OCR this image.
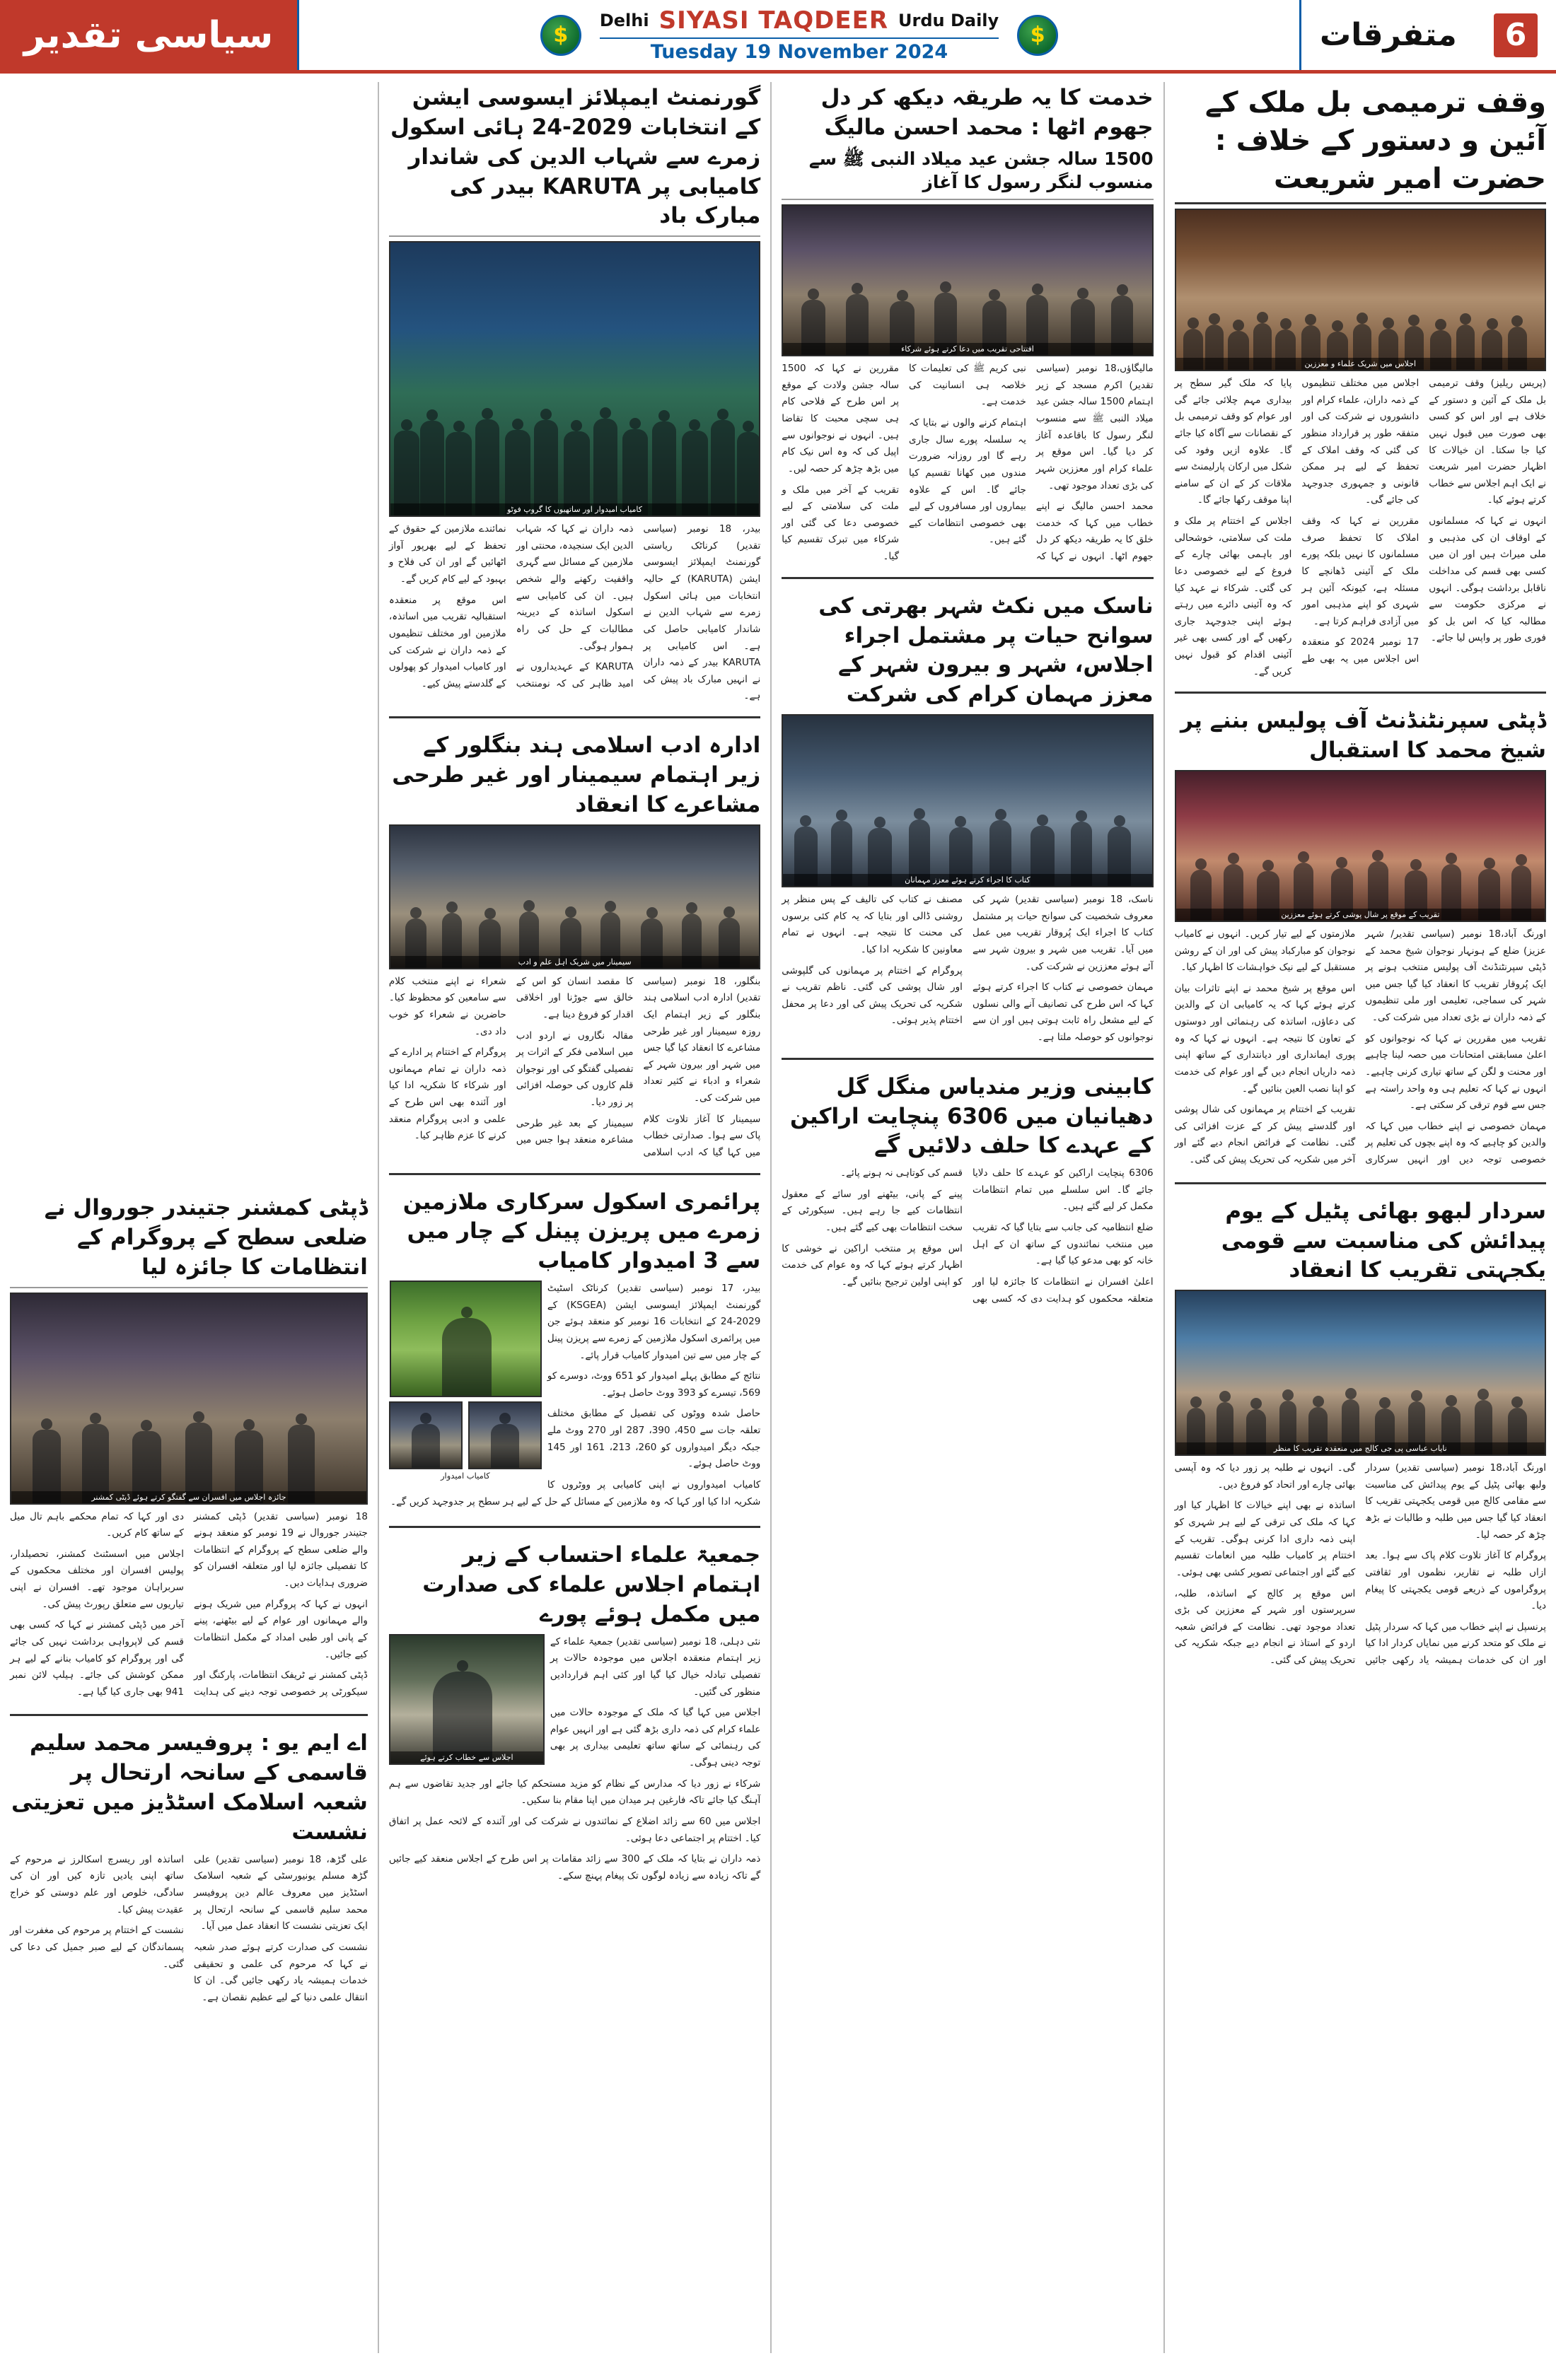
6
متفرقات
$
Urdu Daily
SIYASI TAQDEER
Delhi
Tuesday 19 November 2024
$
سیاسی تقدیر
وقف ترمیمی بل ملک کے آئین و دستور کے خلاف : حضرت امیر شریعت
اجلاس میں شریک علماء و معززین

(پریس ریلیز) وقف ترمیمی بل ملک کے آئین و دستور کے خلاف ہے اور اس کو کسی بھی صورت میں قبول نہیں کیا جا سکتا۔ ان خیالات کا اظہار حضرت امیر شریعت نے ایک اہم اجلاس سے خطاب کرتے ہوئے کیا۔

انہوں نے کہا کہ مسلمانوں کے اوقاف ان کی مذہبی و ملی میراث ہیں اور ان میں کسی بھی قسم کی مداخلت ناقابل برداشت ہوگی۔ انہوں نے مرکزی حکومت سے مطالبہ کیا کہ اس بل کو فوری طور پر واپس لیا جائے۔

اجلاس میں مختلف تنظیموں کے ذمہ داران، علماء کرام اور دانشوروں نے شرکت کی اور متفقہ طور پر قرارداد منظور کی گئی کہ وقف املاک کے تحفظ کے لیے ہر ممکن قانونی و جمہوری جدوجہد کی جائے گی۔

مقررین نے کہا کہ وقف املاک کا تحفظ صرف مسلمانوں کا نہیں بلکہ پورے ملک کے آئینی ڈھانچے کا مسئلہ ہے، کیونکہ آئین ہر شہری کو اپنے مذہبی امور میں آزادی فراہم کرتا ہے۔

17 نومبر 2024 کو منعقدہ اس اجلاس میں یہ بھی طے پایا کہ ملک گیر سطح پر بیداری مہم چلائی جائے گی اور عوام کو وقف ترمیمی بل کے نقصانات سے آگاہ کیا جائے گا۔ علاوہ ازیں وفود کی شکل میں ارکان پارلیمنٹ سے ملاقات کر کے ان کے سامنے اپنا موقف رکھا جائے گا۔

اجلاس کے اختتام پر ملک و ملت کی سلامتی، خوشحالی اور باہمی بھائی چارے کے فروغ کے لیے خصوصی دعا کی گئی۔ شرکاء نے عہد کیا کہ وہ آئینی دائرے میں رہتے ہوئے اپنی جدوجہد جاری رکھیں گے اور کسی بھی غیر آئینی اقدام کو قبول نہیں کریں گے۔

ڈپٹی سپرنٹنڈنٹ آف پولیس بننے پر شیخ محمد کا استقبال
تقریب کے موقع پر شال پوشی کرتے ہوئے معززین

اورنگ آباد،18 نومبر (سیاسی تقدیر/ شہر عزیز) ضلع کے ہونہار نوجوان شیخ محمد کے ڈپٹی سپرنٹنڈنٹ آف پولیس منتخب ہونے پر ایک پُروقار تقریب کا انعقاد کیا گیا جس میں شہر کی سماجی، تعلیمی اور ملی تنظیموں کے ذمہ داران نے بڑی تعداد میں شرکت کی۔

تقریب میں مقررین نے کہا کہ نوجوانوں کو اعلیٰ مسابقتی امتحانات میں حصہ لینا چاہیے اور محنت و لگن کے ساتھ تیاری کرنی چاہیے۔ انہوں نے کہا کہ تعلیم ہی وہ واحد راستہ ہے جس سے قوم ترقی کر سکتی ہے۔

مہمان خصوصی نے اپنے خطاب میں کہا کہ والدین کو چاہیے کہ وہ اپنے بچوں کی تعلیم پر خصوصی توجہ دیں اور انہیں سرکاری ملازمتوں کے لیے تیار کریں۔ انہوں نے کامیاب نوجوان کو مبارکباد پیش کی اور ان کے روشن مستقبل کے لیے نیک خواہشات کا اظہار کیا۔

اس موقع پر شیخ محمد نے اپنے تاثرات بیان کرتے ہوئے کہا کہ یہ کامیابی ان کے والدین کی دعاؤں، اساتذہ کی رہنمائی اور دوستوں کے تعاون کا نتیجہ ہے۔ انہوں نے کہا کہ وہ پوری ایمانداری اور دیانتداری کے ساتھ اپنی ذمہ داریاں انجام دیں گے اور عوام کی خدمت کو اپنا نصب العین بنائیں گے۔

تقریب کے اختتام پر مہمانوں کی شال پوشی اور گلدستے پیش کر کے عزت افزائی کی گئی۔ نظامت کے فرائض انجام دیے گئے اور آخر میں شکریہ کی تحریک پیش کی گئی۔

سردار لبھو بھائی پٹیل کے یوم پیدائش کی مناسبت سے قومی یکجہتی تقریب کا انعقاد
نایاب عباسی پی جی کالج میں منعقدہ تقریب کا منظر

اورنگ آباد،18 نومبر (سیاسی تقدیر) سردار ولبھ بھائی پٹیل کے یوم پیدائش کی مناسبت سے مقامی کالج میں قومی یکجہتی تقریب کا انعقاد کیا گیا جس میں طلبہ و طالبات نے بڑھ چڑھ کر حصہ لیا۔

پروگرام کا آغاز تلاوت کلام پاک سے ہوا۔ بعد ازاں طلبہ نے تقاریر، نظموں اور ثقافتی پروگراموں کے ذریعے قومی یکجہتی کا پیغام دیا۔

پرنسپل نے اپنے خطاب میں کہا کہ سردار پٹیل نے ملک کو متحد کرنے میں نمایاں کردار ادا کیا اور ان کی خدمات ہمیشہ یاد رکھی جائیں گی۔ انہوں نے طلبہ پر زور دیا کہ وہ آپسی بھائی چارے اور اتحاد کو فروغ دیں۔

اساتذہ نے بھی اپنے خیالات کا اظہار کیا اور کہا کہ ملک کی ترقی کے لیے ہر شہری کو اپنی ذمہ داری ادا کرنی ہوگی۔ تقریب کے اختتام پر کامیاب طلبہ میں انعامات تقسیم کیے گئے اور اجتماعی تصویر کشی بھی ہوئی۔

اس موقع پر کالج کے اساتذہ، طلبہ، سرپرستوں اور شہر کے معززین کی بڑی تعداد موجود تھی۔ نظامت کے فرائض شعبہ اردو کے استاذ نے انجام دیے جبکہ شکریہ کی تحریک پیش کی گئی۔

خدمت کا یہ طریقہ دیکھ کر دل جھوم اٹھا : محمد احسن مالیگ
1500 سالہ جشن عید میلاد النبی ﷺ سے منسوب لنگر رسول کا آغاز
افتتاحی تقریب میں دعا کرتے ہوئے شرکاء

مالیگاؤں،18 نومبر (سیاسی تقدیر) اکرم مسجد کے زیر اہتمام 1500 سالہ جشن عید میلاد النبی ﷺ سے منسوب لنگر رسول کا باقاعدہ آغاز کر دیا گیا۔ اس موقع پر علماء کرام اور معززین شہر کی بڑی تعداد موجود تھی۔

محمد احسن مالیگ نے اپنے خطاب میں کہا کہ خدمت خلق کا یہ طریقہ دیکھ کر دل جھوم اٹھا۔ انہوں نے کہا کہ نبی کریم ﷺ کی تعلیمات کا خلاصہ ہی انسانیت کی خدمت ہے۔

اہتمام کرنے والوں نے بتایا کہ یہ سلسلہ پورے سال جاری رہے گا اور روزانہ ضرورت مندوں میں کھانا تقسیم کیا جائے گا۔ اس کے علاوہ بیماروں اور مسافروں کے لیے بھی خصوصی انتظامات کیے گئے ہیں۔

مقررین نے کہا کہ 1500 سالہ جشن ولادت کے موقع پر اس طرح کے فلاحی کام ہی سچی محبت کا تقاضا ہیں۔ انہوں نے نوجوانوں سے اپیل کی کہ وہ اس نیک کام میں بڑھ چڑھ کر حصہ لیں۔

تقریب کے آخر میں ملک و ملت کی سلامتی کے لیے خصوصی دعا کی گئی اور شرکاء میں تبرک تقسیم کیا گیا۔

ناسک میں نکٹ شہر بھرتی کی سوانح حیات پر مشتمل اجراء اجلاس، شہر و بیرون شہر کے معزز مہمان کرام کی شرکت
کتاب کا اجراء کرتے ہوئے معزز مہمانان

ناسک، 18 نومبر (سیاسی تقدیر) شہر کی معروف شخصیت کی سوانح حیات پر مشتمل کتاب کا اجراء ایک پُروقار تقریب میں عمل میں آیا۔ تقریب میں شہر و بیرون شہر سے آئے ہوئے معززین نے شرکت کی۔

مہمان خصوصی نے کتاب کا اجراء کرتے ہوئے کہا کہ اس طرح کی تصانیف آنے والی نسلوں کے لیے مشعل راہ ثابت ہوتی ہیں اور ان سے نوجوانوں کو حوصلہ ملتا ہے۔

مصنف نے کتاب کی تالیف کے پس منظر پر روشنی ڈالی اور بتایا کہ یہ کام کئی برسوں کی محنت کا نتیجہ ہے۔ انہوں نے تمام معاونین کا شکریہ ادا کیا۔

پروگرام کے اختتام پر مہمانوں کی گلپوشی اور شال پوشی کی گئی۔ ناظم تقریب نے شکریہ کی تحریک پیش کی اور دعا پر محفل اختتام پذیر ہوئی۔

کابینی وزیر مندیاس منگل گل دھیانیان میں 6306 پنچایت اراکین کے عہدے کا حلف دلائیں گے

6306 پنچایت اراکین کو عہدے کا حلف دلایا جائے گا۔ اس سلسلے میں تمام انتظامات مکمل کر لیے گئے ہیں۔

ضلع انتظامیہ کی جانب سے بتایا گیا کہ تقریب میں منتخب نمائندوں کے ساتھ ان کے اہل خانہ کو بھی مدعو کیا گیا ہے۔

اعلیٰ افسران نے انتظامات کا جائزہ لیا اور متعلقہ محکموں کو ہدایت دی کہ کسی بھی قسم کی کوتاہی نہ ہونے پائے۔

پینے کے پانی، بیٹھنے اور سائے کے معقول انتظامات کیے جا رہے ہیں۔ سیکورٹی کے سخت انتظامات بھی کیے گئے ہیں۔

اس موقع پر منتخب اراکین نے خوشی کا اظہار کرتے ہوئے کہا کہ وہ عوام کی خدمت کو اپنی اولین ترجیح بنائیں گے۔

گورنمنٹ ایمپلائز ایسوسی ایشن کے انتخابات 2029-24 ہائی اسکول زمرے سے شہاب الدین کی شاندار کامیابی پر KARUTA بیدر کی مبارک باد
کامیاب امیدوار اور ساتھیوں کا گروپ فوٹو

بیدر، 18 نومبر (سیاسی تقدیر) کرناٹک ریاستی گورنمنٹ ایمپلائز ایسوسی ایشن (KARUTA) کے حالیہ انتخابات میں ہائی اسکول زمرے سے شہاب الدین نے شاندار کامیابی حاصل کی ہے۔ اس کامیابی پر KARUTA بیدر کے ذمہ داران نے انہیں مبارک باد پیش کی ہے۔

ذمہ داران نے کہا کہ شہاب الدین ایک سنجیدہ، محنتی اور ملازمین کے مسائل سے گہری واقفیت رکھنے والے شخص ہیں۔ ان کی کامیابی سے اسکول اساتذہ کے دیرینہ مطالبات کے حل کی راہ ہموار ہوگی۔

KARUTA کے عہدیداروں نے امید ظاہر کی کہ نومنتخب نمائندے ملازمین کے حقوق کے تحفظ کے لیے بھرپور آواز اٹھائیں گے اور ان کی فلاح و بہبود کے لیے کام کریں گے۔

اس موقع پر منعقدہ استقبالیہ تقریب میں اساتذہ، ملازمین اور مختلف تنظیموں کے ذمہ داران نے شرکت کی اور کامیاب امیدوار کو پھولوں کے گلدستے پیش کیے۔

ادارہ ادب اسلامی ہند بنگلور کے زیر اہتمام سیمینار اور غیر طرحی مشاعرے کا انعقاد
سیمینار میں شریک اہل علم و ادب

بنگلور، 18 نومبر (سیاسی تقدیر) ادارہ ادب اسلامی ہند بنگلور کے زیر اہتمام ایک روزہ سیمینار اور غیر طرحی مشاعرے کا انعقاد کیا گیا جس میں شہر اور بیرون شہر کے شعراء و ادباء نے کثیر تعداد میں شرکت کی۔

سیمینار کا آغاز تلاوت کلام پاک سے ہوا۔ صدارتی خطاب میں کہا گیا کہ ادب اسلامی کا مقصد انسان کو اس کے خالق سے جوڑنا اور اخلاقی اقدار کو فروغ دینا ہے۔

مقالہ نگاروں نے اردو ادب میں اسلامی فکر کے اثرات پر تفصیلی گفتگو کی اور نوجوان قلم کاروں کی حوصلہ افزائی پر زور دیا۔

سیمینار کے بعد غیر طرحی مشاعرہ منعقد ہوا جس میں شعراء نے اپنے منتخب کلام سے سامعین کو محظوظ کیا۔ حاضرین نے شعراء کو خوب داد دی۔

پروگرام کے اختتام پر ادارے کے ذمہ داران نے تمام مہمانوں اور شرکاء کا شکریہ ادا کیا اور آئندہ بھی اس طرح کے علمی و ادبی پروگرام منعقد کرنے کا عزم ظاہر کیا۔

پرائمری اسکول سرکاری ملازمین زمرے میں پریزن پینل کے چار میں سے 3 امیدوار کامیاب
کامیاب امیدوار

بیدر، 17 نومبر (سیاسی تقدیر) کرناٹک اسٹیٹ گورنمنٹ ایمپلائز ایسوسی ایشن (KSGEA) کے 2029-24 کے انتخابات 16 نومبر کو منعقد ہوئے جن میں پرائمری اسکول ملازمین کے زمرے سے پریزن پینل کے چار میں سے تین امیدوار کامیاب قرار پائے۔

نتائج کے مطابق پہلے امیدوار کو 651 ووٹ، دوسرے کو 569، تیسرے کو 393 ووٹ حاصل ہوئے۔

حاصل شدہ ووٹوں کی تفصیل کے مطابق مختلف تعلقہ جات سے 450، 390، 287 اور 270 ووٹ ملے جبکہ دیگر امیدواروں کو 260، 213، 161 اور 145 ووٹ حاصل ہوئے۔

کامیاب امیدواروں نے اپنی کامیابی پر ووٹروں کا شکریہ ادا کیا اور کہا کہ وہ ملازمین کے مسائل کے حل کے لیے ہر سطح پر جدوجہد کریں گے۔

جمعیۃ علماء احتساب کے زیر اہتمام اجلاس علماء کی صدارت میں مکمل ہوئے پورے
اجلاس سے خطاب کرتے ہوئے

نئی دہلی، 18 نومبر (سیاسی تقدیر) جمعیۃ علماء کے زیر اہتمام منعقدہ اجلاس میں موجودہ حالات پر تفصیلی تبادلہ خیال کیا گیا اور کئی اہم قراردادیں منظور کی گئیں۔

اجلاس میں کہا گیا کہ ملک کے موجودہ حالات میں علماء کرام کی ذمہ داری بڑھ گئی ہے اور انہیں عوام کی رہنمائی کے ساتھ ساتھ تعلیمی بیداری پر بھی توجہ دینی ہوگی۔

شرکاء نے زور دیا کہ مدارس کے نظام کو مزید مستحکم کیا جائے اور جدید تقاضوں سے ہم آہنگ کیا جائے تاکہ فارغین ہر میدان میں اپنا مقام بنا سکیں۔

اجلاس میں 60 سے زائد اضلاع کے نمائندوں نے شرکت کی اور آئندہ کے لائحہ عمل پر اتفاق کیا۔ اختتام پر اجتماعی دعا ہوئی۔

ذمہ داران نے بتایا کہ ملک کے 300 سے زائد مقامات پر اس طرح کے اجلاس منعقد کیے جائیں گے تاکہ زیادہ سے زیادہ لوگوں تک پیغام پہنچ سکے۔

ڈپٹی کمشنر جتیندر جوروال نے ضلعی سطح کے پروگرام کے انتظامات کا جائزہ لیا
جائزہ اجلاس میں افسران سے گفتگو کرتے ہوئے ڈپٹی کمشنر

18 نومبر (سیاسی تقدیر) ڈپٹی کمشنر جتیندر جوروال نے 19 نومبر کو منعقد ہونے والے ضلعی سطح کے پروگرام کے انتظامات کا تفصیلی جائزہ لیا اور متعلقہ افسران کو ضروری ہدایات دیں۔

انہوں نے کہا کہ پروگرام میں شریک ہونے والے مہمانوں اور عوام کے لیے بیٹھنے، پینے کے پانی اور طبی امداد کے مکمل انتظامات کیے جائیں۔

ڈپٹی کمشنر نے ٹریفک انتظامات، پارکنگ اور سیکورٹی پر خصوصی توجہ دینے کی ہدایت دی اور کہا کہ تمام محکمے باہم تال میل کے ساتھ کام کریں۔

اجلاس میں اسسٹنٹ کمشنر، تحصیلدار، پولیس افسران اور مختلف محکموں کے سربراہان موجود تھے۔ افسران نے اپنی تیاریوں سے متعلق رپورٹ پیش کی۔

آخر میں ڈپٹی کمشنر نے کہا کہ کسی بھی قسم کی لاپرواہی برداشت نہیں کی جائے گی اور پروگرام کو کامیاب بنانے کے لیے ہر ممکن کوشش کی جائے۔ ہیلپ لائن نمبر 941 بھی جاری کیا گیا ہے۔

اے ایم یو : پروفیسر محمد سلیم قاسمی کے سانحہ ارتحال پر شعبہ اسلامک اسٹڈیز میں تعزیتی نشست

علی گڑھ، 18 نومبر (سیاسی تقدیر) علی گڑھ مسلم یونیورسٹی کے شعبہ اسلامک اسٹڈیز میں معروف عالم دین پروفیسر محمد سلیم قاسمی کے سانحہ ارتحال پر ایک تعزیتی نشست کا انعقاد عمل میں آیا۔

نشست کی صدارت کرتے ہوئے صدر شعبہ نے کہا کہ مرحوم کی علمی و تحقیقی خدمات ہمیشہ یاد رکھی جائیں گی۔ ان کا انتقال علمی دنیا کے لیے عظیم نقصان ہے۔

اساتذہ اور ریسرچ اسکالرز نے مرحوم کے ساتھ اپنی یادیں تازہ کیں اور ان کی سادگی، خلوص اور علم دوستی کو خراج عقیدت پیش کیا۔

نشست کے اختتام پر مرحوم کی مغفرت اور پسماندگان کے لیے صبر جمیل کی دعا کی گئی۔
